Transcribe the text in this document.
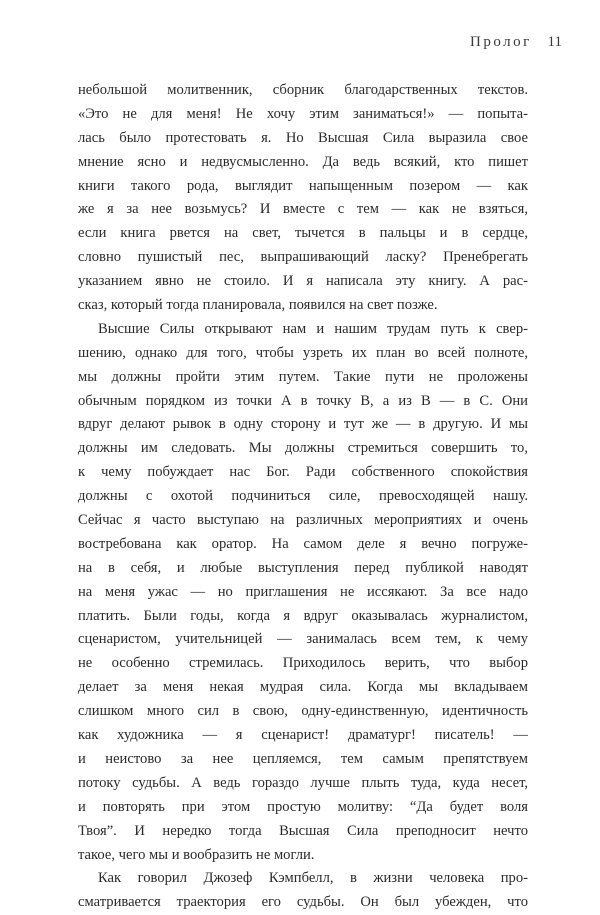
Пролог 11
небольшой молитвенник, сборник благодарственных текстов.
«Это не для меня! Не хочу этим заниматься!» — попыта-
лась было протестовать я. Но Высшая Сила выразила свое
мнение ясно и недвусмысленно. Да ведь всякий, кто пишет
книги такого рода, выглядит напыщенным позером — как
же я за нее возьмусь? И вместе с тем — как не взяться,
если книга рвется на свет, тычется в пальцы и в сердце,
словно пушистый пес, выпрашивающий ласку? Пренебрегать
указанием явно не стоило. И я написала эту книгу. А рас-
сказ, который тогда планировала, появился на свет позже.
Высшие Силы открывают нам и нашим трудам путь к свер-
шению, однако для того, чтобы узреть их план во всей полноте,
мы должны пройти этим путем. Такие пути не проложены
обычным порядком из точки А в точку В, а из В — в С. Они
вдруг делают рывок в одну сторону и тут же — в другую. И мы
должны им следовать. Мы должны стремиться совершить то,
к чему побуждает нас Бог. Ради собственного спокойствия
должны с охотой подчиниться силе, превосходящей нашу.
Сейчас я часто выступаю на различных мероприятиях и очень
востребована как оратор. На самом деле я вечно погруже-
на в себя, и любые выступления перед публикой наводят
на меня ужас — но приглашения не иссякают. За все надо
платить. Были годы, когда я вдруг оказывалась журналистом,
сценаристом, учительницей — занималась всем тем, к чему
не особенно стремилась. Приходилось верить, что выбор
делает за меня некая мудрая сила. Когда мы вкладываем
слишком много сил в свою, одну-единственную, идентичность
как художника — я сценарист! драматург! писатель! —
и неистово за нее цепляемся, тем самым препятствуем
потоку судьбы. А ведь гораздо лучше плыть туда, куда несет,
и повторять при этом простую молитву: “Да будет воля
Твоя”. И нередко тогда Высшая Сила преподносит нечто
такое, чего мы и вообразить не могли.
Как говорил Джозеф Кэмпбелл, в жизни человека про-
сматривается траектория его судьбы. Он был убежден, что
